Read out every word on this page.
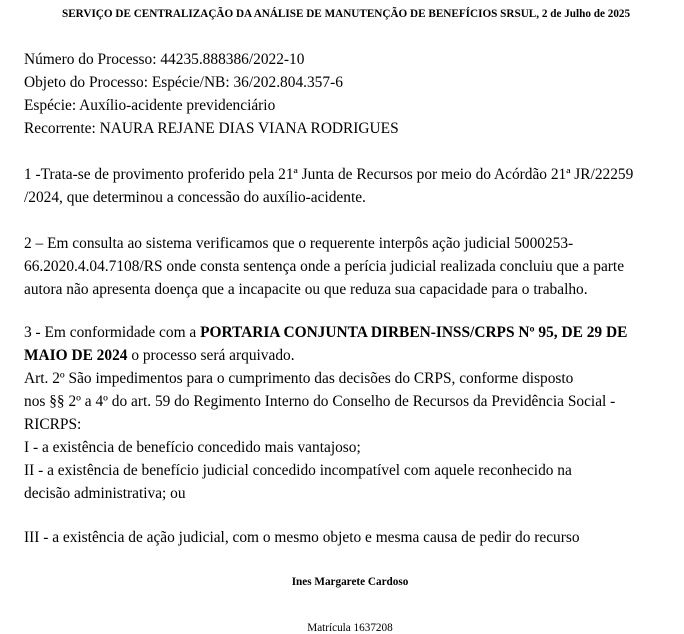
SERVIÇO DE CENTRALIZAÇÃO DA ANÁLISE DE MANUTENÇÃO DE BENEFÍCIOS SRSUL, 2 de Julho de 2025
Número do Processo: 44235.888386/2022-10
Objeto do Processo: Espécie/NB: 36/202.804.357-6
Espécie: Auxílio-acidente previdenciário
Recorrente: NAURA REJANE DIAS VIANA RODRIGUES
1 -Trata-se de provimento proferido pela 21ª Junta de Recursos por meio do Acórdão 21ª JR/22259
/2024, que determinou a concessão do auxílio-acidente.
2 – Em consulta ao sistema verificamos que o requerente interpôs ação judicial 5000253-
66.2020.4.04.7108/RS onde consta sentença onde a perícia judicial realizada concluiu que a parte
autora não apresenta doença que a incapacite ou que reduza sua capacidade para o trabalho.
3 - Em conformidade com a PORTARIA CONJUNTA DIRBEN-INSS/CRPS Nº 95, DE 29 DE
MAIO DE 2024 o processo será arquivado.
Art. 2º São impedimentos para o cumprimento das decisões do CRPS, conforme disposto
nos §§ 2º a 4º do art. 59 do Regimento Interno do Conselho de Recursos da Previdência Social -
RICRPS:
I - a existência de benefício concedido mais vantajoso;
II - a existência de benefício judicial concedido incompatível com aquele reconhecido na
decisão administrativa; ou
III - a existência de ação judicial, com o mesmo objeto e mesma causa de pedir do recurso
Ines Margarete Cardoso
Matrícula 1637208
